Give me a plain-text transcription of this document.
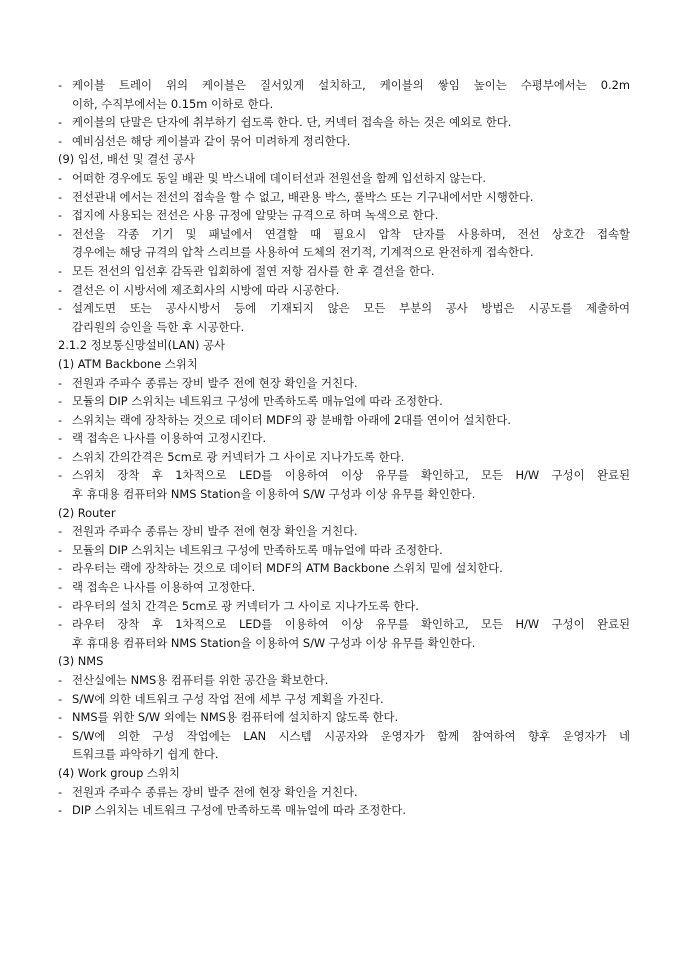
- 케이블 트레이 위의 케이블은 질서있게 설치하고, 케이블의 쌓임 높이는 수평부에서는 0.2m
이하, 수직부에서는 0.15m 이하로 한다.
- 케이블의 단말은 단자에 취부하기 쉽도록 한다. 단, 커넥터 접속을 하는 것은 예외로 한다.
- 예비심선은 해당 케이블과 같이 묶어 미려하게 정리한다.
(9) 입선, 배선 및 결선 공사
- 어떠한 경우에도 동일 배관 및 박스내에 데이터선과 전원선을 함께 입선하지 않는다.
- 전선관내 에서는 전선의 접속을 할 수 없고, 배관용 박스, 풀박스 또는 기구내에서만 시행한다.
- 접지에 사용되는 전선은 사용 규정에 알맞는 규격으로 하며 녹색으로 한다.
- 전선을 각종 기기 및 패널에서 연결할 때 필요시 압착 단자를 사용하며, 전선 상호간 접속할
경우에는 해당 규격의 압착 스리브를 사용하여 도체의 전기적, 기계적으로 완전하게 접속한다.
- 모든 전선의 입선후 감독관 입회하에 절연 저항 검사를 한 후 결선을 한다.
- 결선은 이 시방서에 제조회사의 시방에 따라 시공한다.
- 설계도면 또는 공사시방서 등에 기재되지 않은 모든 부분의 공사 방법은 시공도를 제출하여
감리원의 승인을 득한 후 시공한다.
2.1.2 정보통신망설비(LAN) 공사
(1) ATM Backbone 스위치
- 전원과 주파수 종류는 장비 발주 전에 현장 확인을 거친다.
- 모듈의 DIP 스위치는 네트워크 구성에 만족하도록 매뉴얼에 따라 조정한다.
- 스위치는 랙에 장착하는 것으로 데이터 MDF의 광 분배함 아래에 2대를 연이어 설치한다.
- 랙 접속은 나사를 이용하여 고정시킨다.
- 스위치 간의간격은 5cm로 광 커넥터가 그 사이로 지나가도록 한다.
- 스위치 장착 후 1차적으로 LED를 이용하여 이상 유무를 확인하고, 모든 H/W 구성이 완료된
후 휴대용 컴퓨터와 NMS Station을 이용하여 S/W 구성과 이상 유무를 확인한다.
(2) Router
- 전원과 주파수 종류는 장비 발주 전에 현장 확인을 거친다.
- 모듈의 DIP 스위치는 네트워크 구성에 만족하도록 매뉴얼에 따라 조정한다.
- 라우터는 랙에 장착하는 것으로 데이터 MDF의 ATM Backbone 스위치 밑에 설치한다.
- 랙 접속은 나사를 이용하여 고정한다.
- 라우터의 설치 간격은 5cm로 광 커넥터가 그 사이로 지나가도록 한다.
- 라우터 장착 후 1차적으로 LED를 이용하여 이상 유무를 확인하고, 모든 H/W 구성이 완료된
후 휴대용 컴퓨터와 NMS Station을 이용하여 S/W 구성과 이상 유무를 확인한다.
(3) NMS
- 전산실에는 NMS용 컴퓨터를 위한 공간을 확보한다.
- S/W에 의한 네트워크 구성 작업 전에 세부 구성 계획을 가진다.
- NMS를 위한 S/W 외에는 NMS용 컴퓨터에 설치하지 않도록 한다.
- S/W에 의한 구성 작업에는 LAN 시스템 시공자와 운영자가 함께 참여하여 향후 운영자가 네
트워크를 파악하기 쉽게 한다.
(4) Work group 스위치
- 전원과 주파수 종류는 장비 발주 전에 현장 확인을 거친다.
- DIP 스위치는 네트워크 구성에 만족하도록 매뉴얼에 따라 조정한다.
